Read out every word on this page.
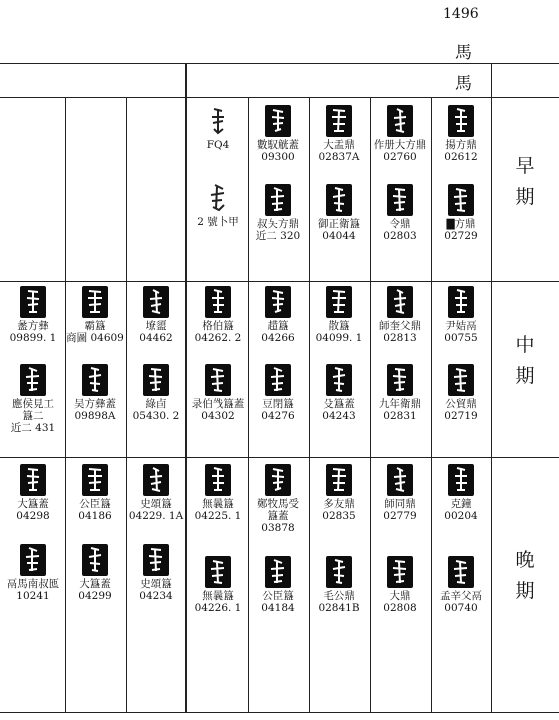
1496
馬
馬
早
期
中
期
晚
期
FQ4
2 號卜甲
數馭觥蓋
09300
叔夨方鼎
近二 320
大盂鼎
02837A
御正衛簋
04044
作册大方鼎
02760
令鼎
02803
揚方鼎
02612
▇方鼎
02729
盠方彝
09899. 1
應侯見工
簋二
近二 431
霸簋
商圖 04609
吴方彝蓋
09898A
㙩盨
04462
綠卣
05430. 2
格伯簋
04262. 2
录伯㦰簋蓋
04302
趞簋
04266
豆閉簋
04276
散簋
04099. 1
殳簋蓋
04243
師奎父鼎
02813
九年衛鼎
02831
尹姞鬲
00755
公貿鼎
02719
大簋蓋
04298
鬲馬南叔匜
10241
公臣簋
04186
大簋蓋
04299
史頌簋
04229. 1A
史頌簋
04234
無曩簋
04225. 1
無曩簋
04226. 1
鄭牧馬受
簋蓋
03878
公臣簋
04184
多友鼎
02835
毛公鼎
02841B
師同鼎
02779
大鼎
02808
克鐘
00204
孟辛父鬲
00740
